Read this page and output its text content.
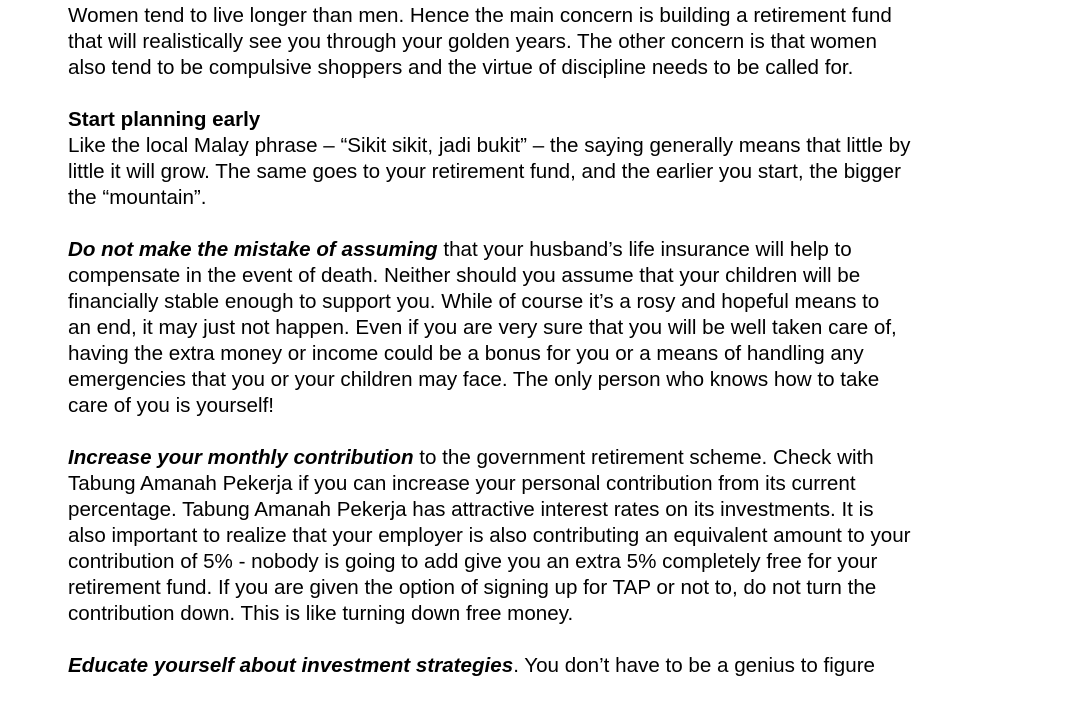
Women tend to live longer than men. Hence the main concern is building a retirement fund
that will realistically see you through your golden years. The other concern is that women
also tend to be compulsive shoppers and the virtue of discipline needs to be called for.

Start planning early
Like the local Malay phrase – “Sikit sikit, jadi bukit” – the saying generally means that little by
little it will grow. The same goes to your retirement fund, and the earlier you start, the bigger
the “mountain”.

Do not make the mistake of assuming that your husband’s life insurance will help to
compensate in the event of death. Neither should you assume that your children will be
financially stable enough to support you. While of course it’s a rosy and hopeful means to
an end, it may just not happen. Even if you are very sure that you will be well taken care of,
having the extra money or income could be a bonus for you or a means of handling any
emergencies that you or your children may face. The only person who knows how to take
care of you is yourself!

Increase your monthly contribution to the government retirement scheme. Check with
Tabung Amanah Pekerja if you can increase your personal contribution from its current
percentage. Tabung Amanah Pekerja has attractive interest rates on its investments. It is
also important to realize that your employer is also contributing an equivalent amount to your
contribution of 5% - nobody is going to add give you an extra 5% completely free for your
retirement fund. If you are given the option of signing up for TAP or not to, do not turn the
contribution down. This is like turning down free money.

Educate yourself about investment strategies. You don’t have to be a genius to figure
